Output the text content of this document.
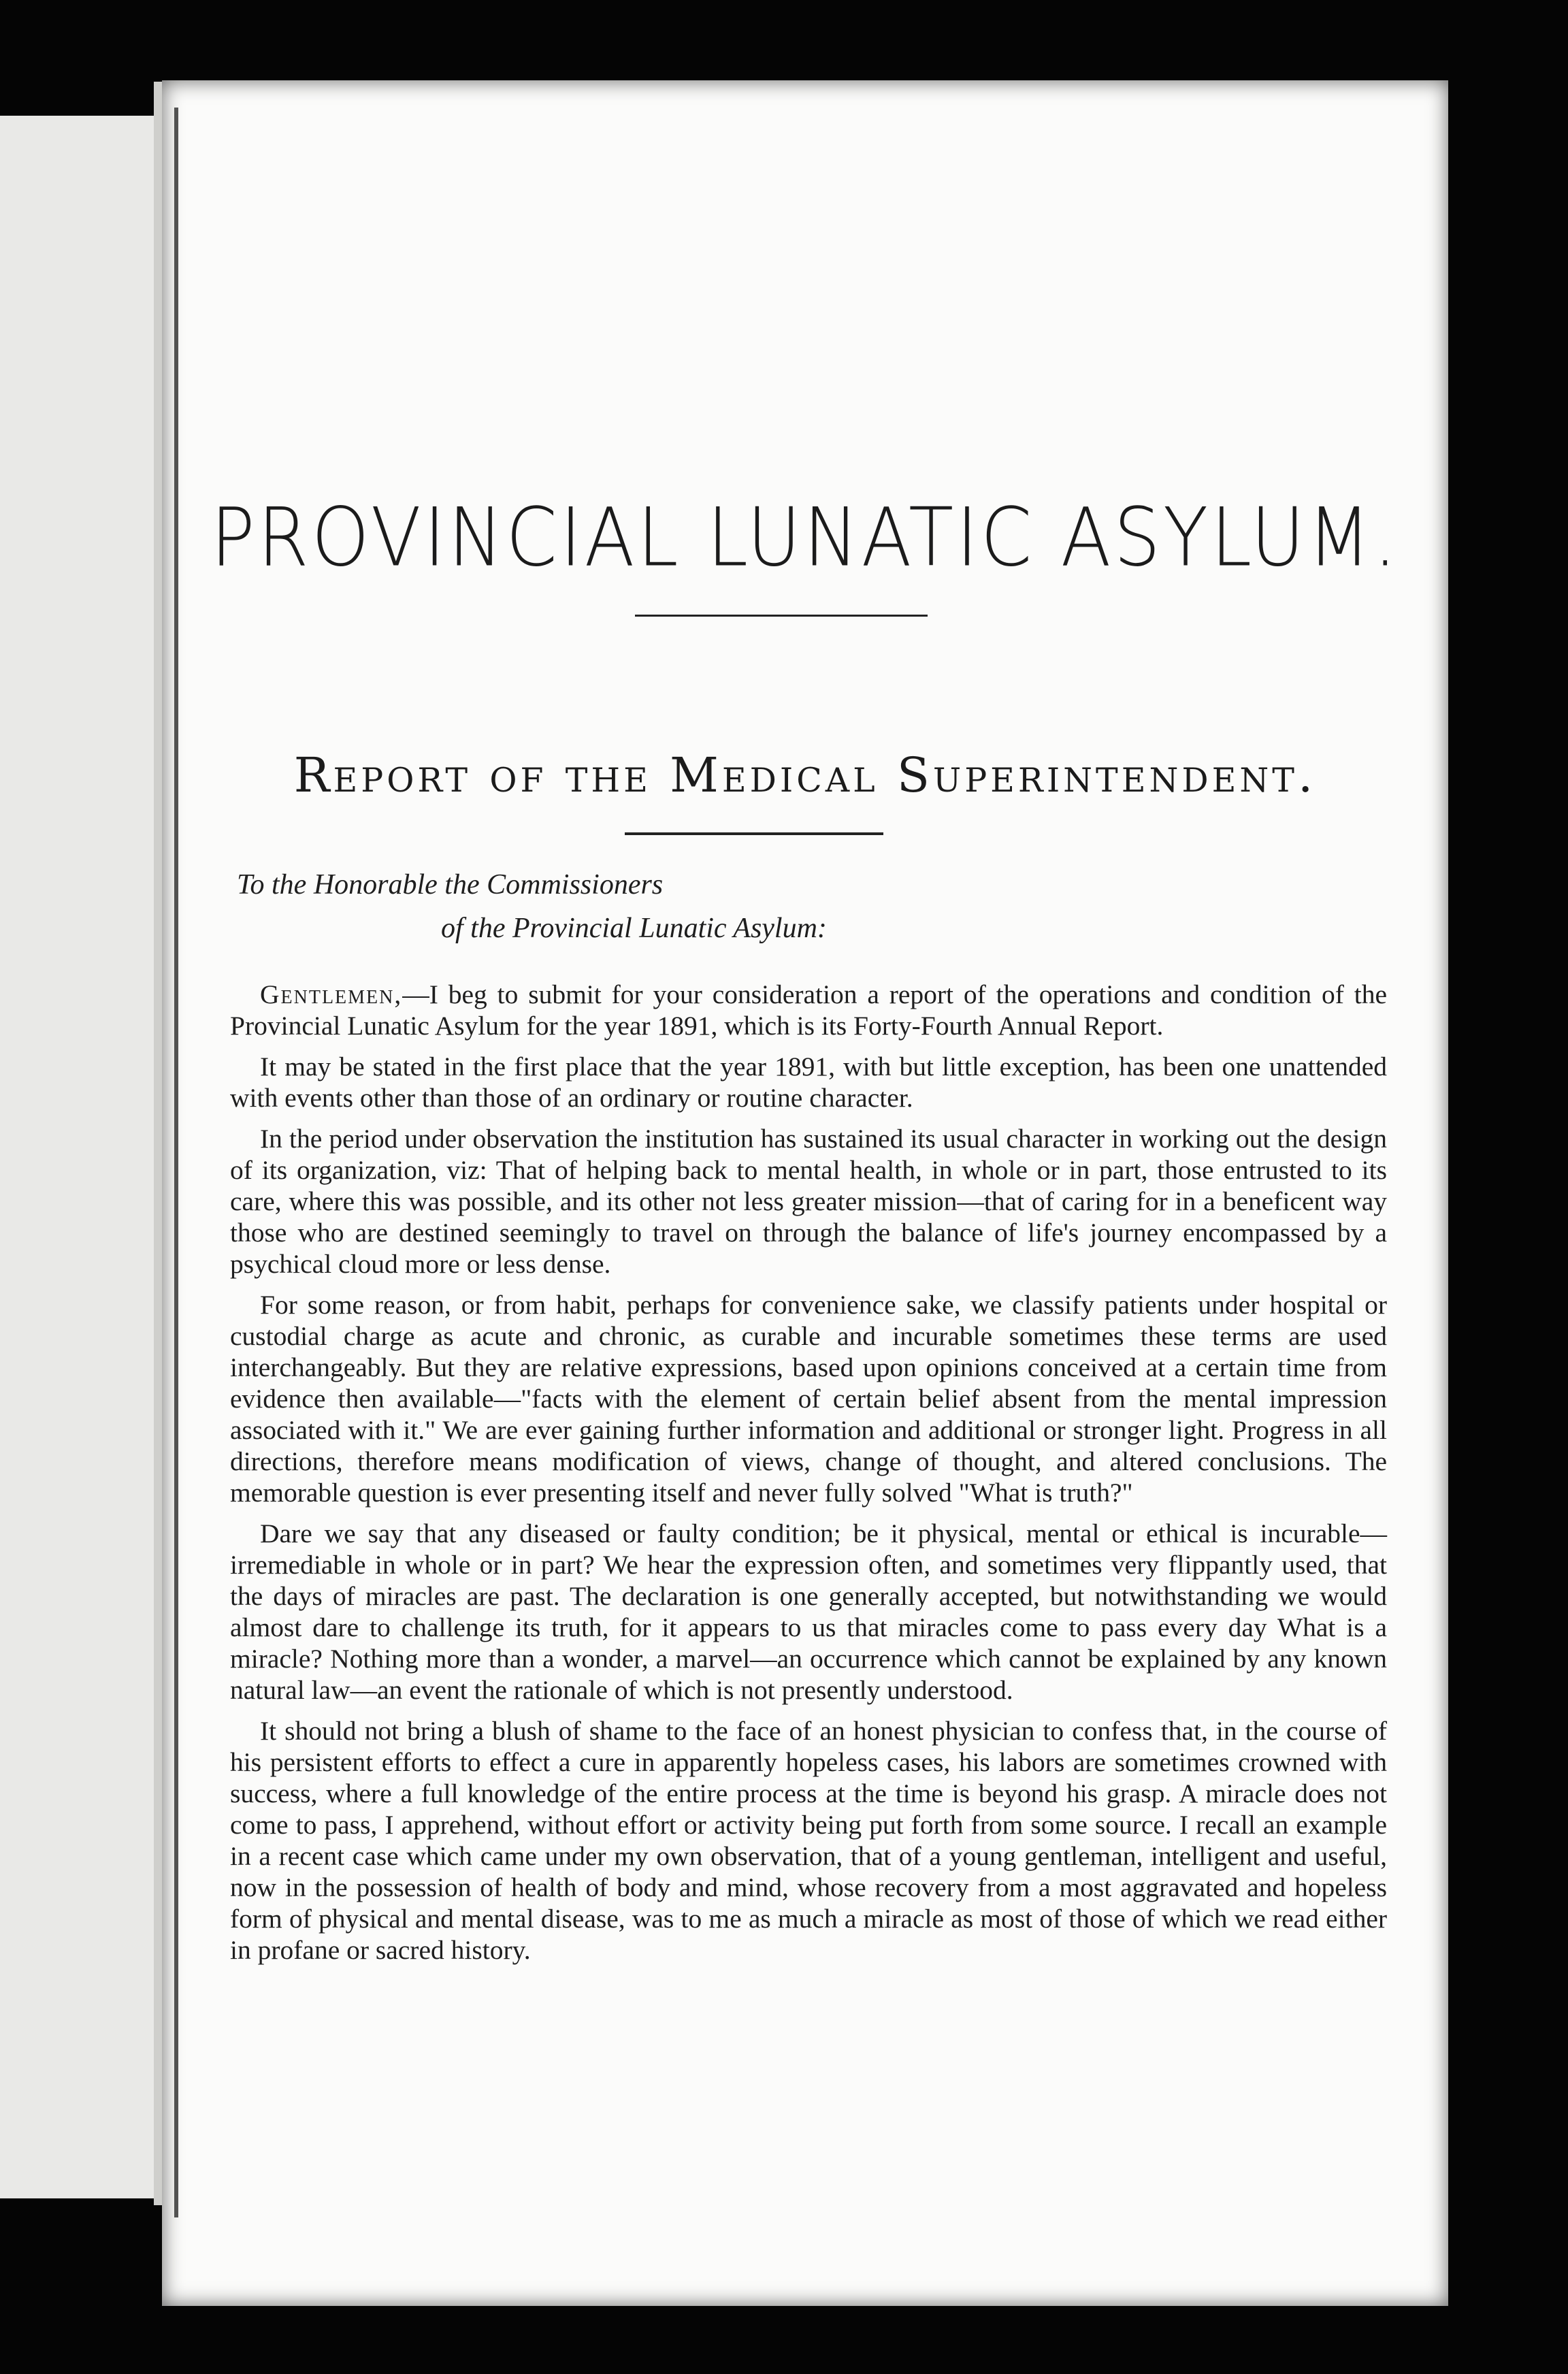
PROVINCIAL LUNATIC ASYLUM.
Report of the Medical Superintendent.
To the Honorable the Commissioners
of the Provincial Lunatic Asylum:

Gentlemen,—I beg to submit for your consideration a report of the operations and condition of the Provincial Lunatic Asylum for the year 1891, which is its Forty-Fourth Annual Report.

It may be stated in the first place that the year 1891, with but little exception, has been one unattended with events other than those of an ordinary or routine character.

In the period under observation the institution has sustained its usual character in working out the design of its organization, viz: That of helping back to mental health, in whole or in part, those entrusted to its care, where this was possible, and its other not less greater mission—that of caring for in a beneficent way those who are destined seemingly to travel on through the balance of life's journey encompassed by a psychical cloud more or less dense.

For some reason, or from habit, perhaps for convenience sake, we classify patients under hospital or custodial charge as acute and chronic, as curable and incurable sometimes these terms are used interchangeably. But they are relative expressions, based upon opinions conceived at a certain time from evidence then available—"facts with the element of certain belief absent from the mental impression associated with it." We are ever gaining further information and additional or stronger light. Progress in all directions, therefore means modification of views, change of thought, and altered conclusions. The memorable question is ever presenting itself and never fully solved "What is truth?"

Dare we say that any diseased or faulty condition; be it physical, mental or ethical is incurable—irremediable in whole or in part? We hear the expression often, and sometimes very flippantly used, that the days of miracles are past. The declaration is one generally accepted, but notwithstanding we would almost dare to challenge its truth, for it appears to us that miracles come to pass every day What is a miracle? Nothing more than a wonder, a marvel—an occurrence which cannot be explained by any known natural law—an event the rationale of which is not presently understood.

It should not bring a blush of shame to the face of an honest physician to confess that, in the course of his persistent efforts to effect a cure in apparently hopeless cases, his labors are sometimes crowned with success, where a full knowledge of the entire process at the time is beyond his grasp. A miracle does not come to pass, I apprehend, without effort or activity being put forth from some source. I recall an example in a recent case which came under my own observation, that of a young gentleman, intelligent and useful, now in the possession of health of body and mind, whose recovery from a most aggravated and hopeless form of physical and mental disease, was to me as much a miracle as most of those of which we read either in profane or sacred history.
